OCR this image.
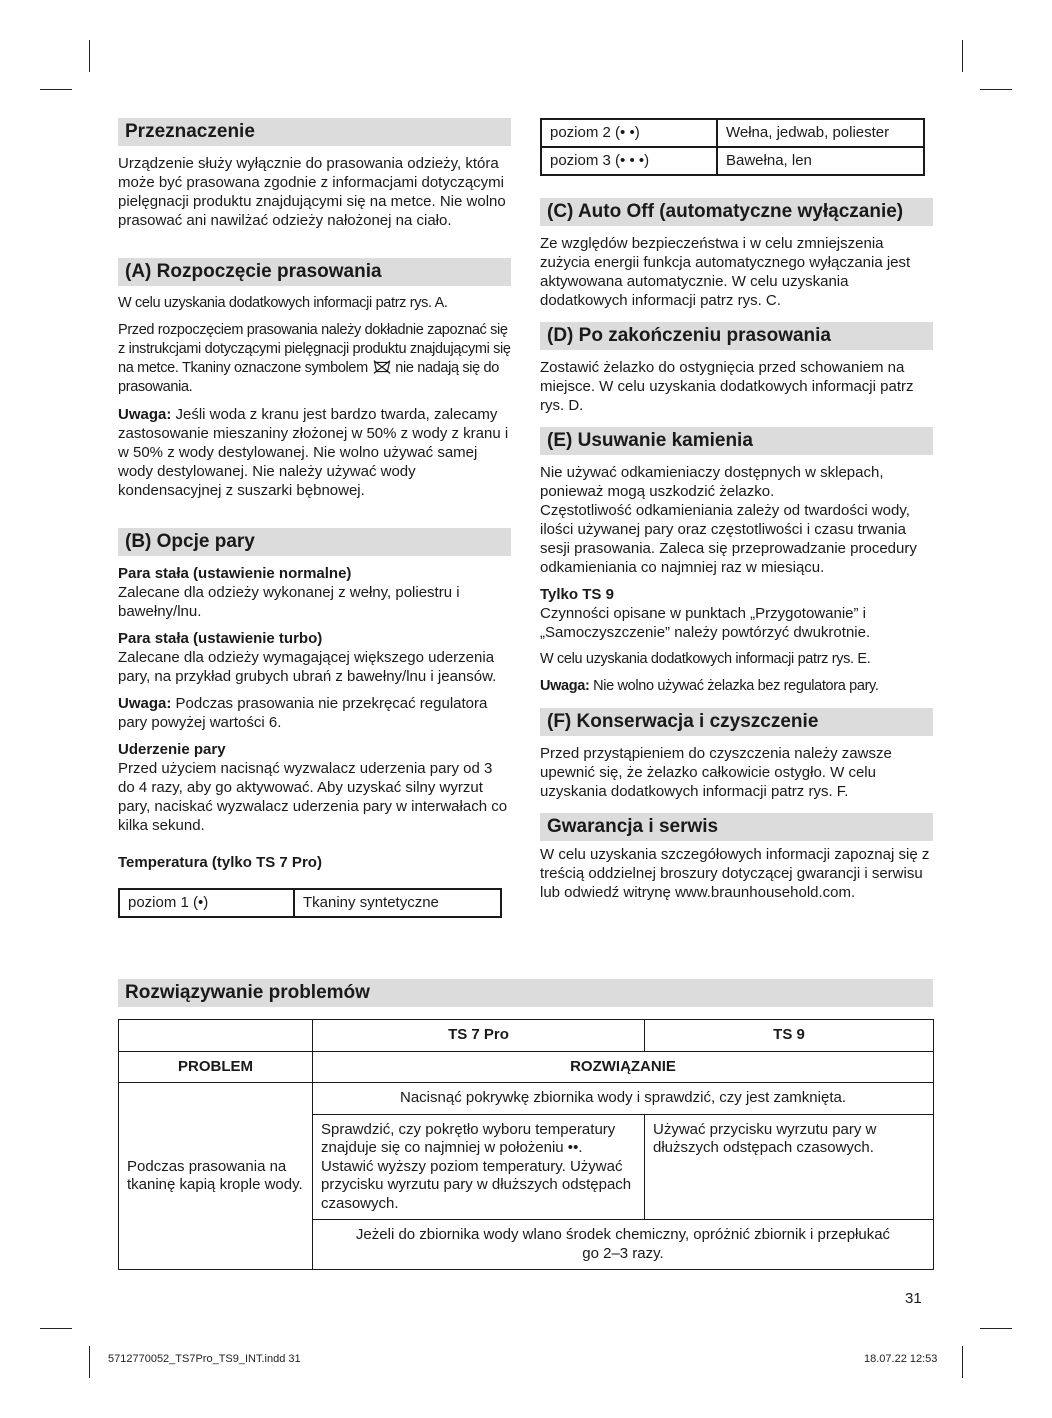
Przeznaczenie

Urządzenie służy wyłącznie do prasowania odzieży, która może być prasowana zgodnie z informacjami dotyczącymi pielęgnacji produktu znajdującymi się na metce. Nie wolno prasować ani nawilżać odzieży nałożonej na ciało.

(A) Rozpoczęcie prasowania

W celu uzyskania dodatkowych informacji patrz rys. A.

Przed rozpoczęciem prasowania należy dokładnie zapoznać się z instrukcjami dotyczącymi pielęgnacji produktu znajdującymi się na metce. Tkaniny oznaczone symbolem nie nadają się do prasowania.

Uwaga: Jeśli woda z kranu jest bardzo twarda, zalecamy zastosowanie mieszaniny złożonej w 50% z wody z kranu i w 50% z wody destylowanej. Nie wolno używać samej wody destylowanej. Nie należy używać wody kondensacyjnej z suszarki bębnowej.

(B) Opcje pary

Para stała (ustawienie normalne)

Zalecane dla odzieży wykonanej z wełny, poliestru i bawełny/lnu.

Para stała (ustawienie turbo)

Zalecane dla odzieży wymagającej większego uderzenia pary, na przykład grubych ubrań z bawełny/lnu i jeansów.

Uwaga: Podczas prasowania nie przekręcać regulatora pary powyżej wartości 6.

Uderzenie pary

Przed użyciem nacisnąć wyzwalacz uderzenia pary od 3 do 4 razy, aby go aktywować. Aby uzyskać silny wyrzut pary, naciskać wyzwalacz uderzenia pary w interwałach co kilka sekund.

Temperatura (tylko TS 7 Pro)

poziom 1 (•)	Tkaniny syntetyczne
poziom 2 (• •)	Wełna, jedwab, poliester
poziom 3 (• • •)	Bawełna, len
(C) Auto Off (automatyczne wyłączanie)

Ze względów bezpieczeństwa i w celu zmniejszenia zużycia energii funkcja automatycznego wyłączania jest aktywowana automatycznie. W celu uzyskania dodatkowych informacji patrz rys. C.

(D) Po zakończeniu prasowania

Zostawić żelazko do ostygnięcia przed schowaniem na miejsce. W celu uzyskania dodatkowych informacji patrz rys. D.

(E) Usuwanie kamienia

Nie używać odkamieniaczy dostępnych w sklepach, ponieważ mogą uszkodzić żelazko.

Częstotliwość odkamieniania zależy od twardości wody, ilości używanej pary oraz częstotliwości i czasu trwania sesji prasowania. Zaleca się przeprowadzanie procedury odkamieniania co najmniej raz w miesiącu.

Tylko TS 9

Czynności opisane w punktach „Przygotowanie” i „Samoczyszczenie” należy powtórzyć dwukrotnie.

W celu uzyskania dodatkowych informacji patrz rys. E.

Uwaga: Nie wolno używać żelazka bez regulatora pary.

(F) Konserwacja i czyszczenie

Przed przystąpieniem do czyszczenia należy zawsze upewnić się, że żelazko całkowicie ostygło. W celu uzyskania dodatkowych informacji patrz rys. F.

Gwarancja i serwis

W celu uzyskania szczegółowych informacji zapoznaj się z treścią oddzielnej broszury dotyczącej gwarancji i serwisu lub odwiedź witrynę www.braunhousehold.com.

Rozwiązywanie problemów
	TS 7 Pro	TS 9
PROBLEM	ROZWIĄZANIE	
Podczas prasowania na tkaninę kapią krople wody.	Nacisnąć pokrywkę zbiornika wody i sprawdzić, czy jest zamknięta.	
	Sprawdzić, czy pokrętło wyboru temperatury znajduje się co najmniej w położeniu ••. Ustawić wyższy poziom temperatury. Używać przycisku wyrzutu pary w dłuższych odstępach czasowych.	Używać przycisku wyrzutu pary w dłuższych odstępach czasowych.
	Jeżeli do zbiornika wody wlano środek chemiczny, opróżnić zbiornik i przepłukać go 2–3 razy.	
31
5712770052_TS7Pro_TS9_INT.indd 31	18.07.22 12:53
